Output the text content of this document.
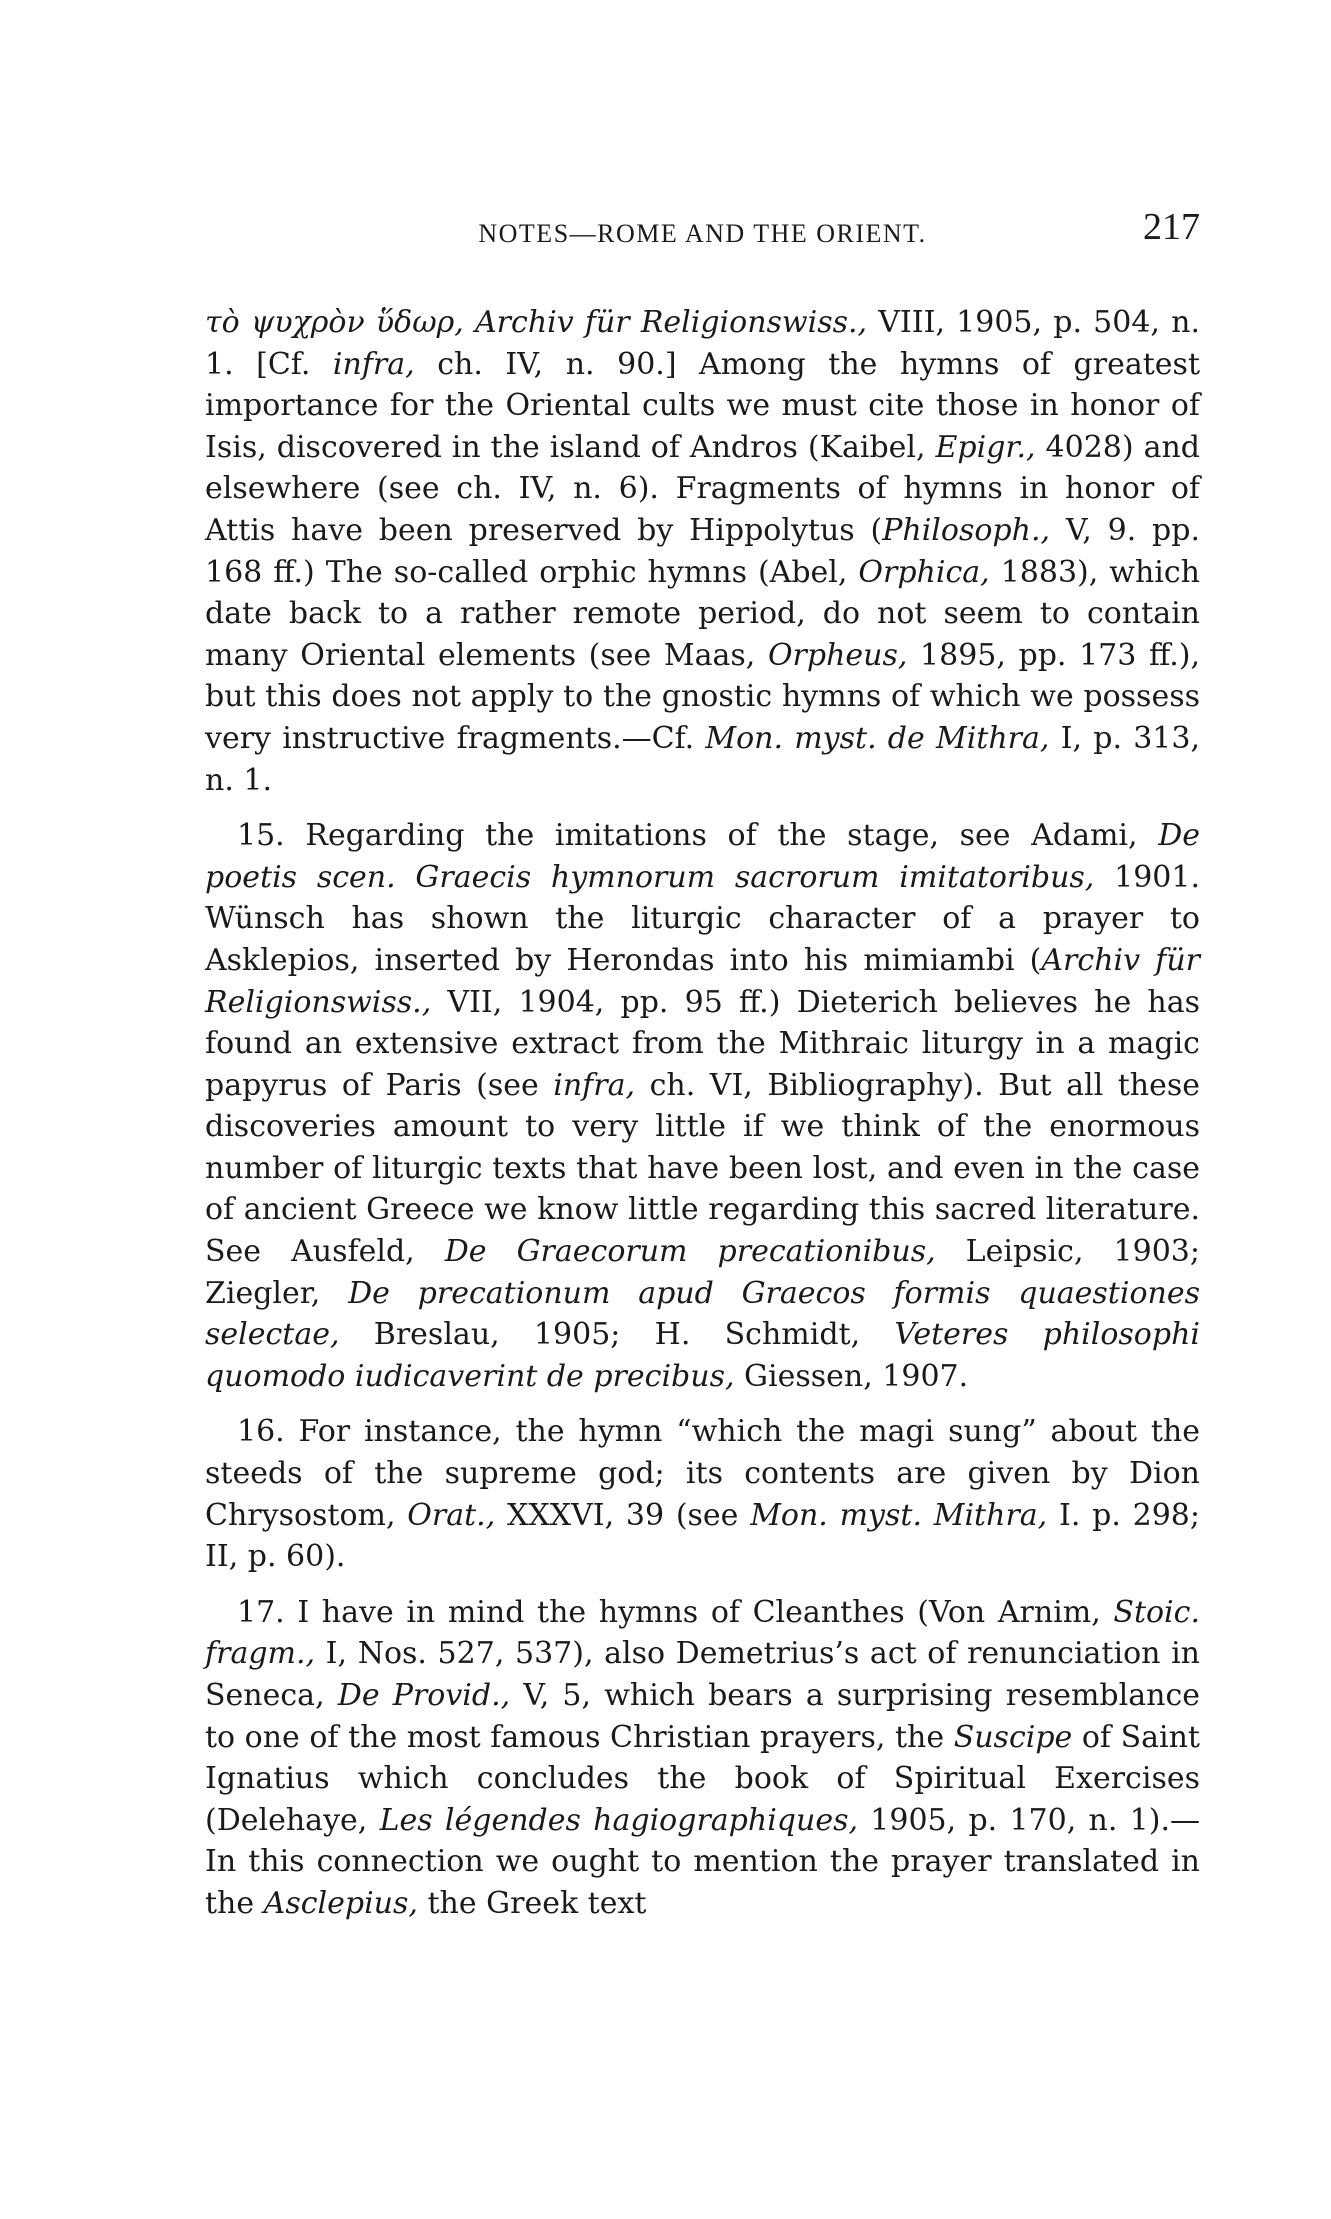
NOTES—ROME AND THE ORIENT.	217

τὸ ψυχρὸν ὕδωρ, Archiv für Religionswiss., VIII, 1905, p. 504, n. 1. [Cf. infra, ch. IV, n. 90.] Among the hymns of greatest importance for the Oriental cults we must cite those in honor of Isis, discovered in the island of Andros (Kaibel, Epigr., 4028) and elsewhere (see ch. IV, n. 6). Fragments of hymns in honor of Attis have been preserved by Hippolytus (Philosoph., V, 9. pp. 168 ff.) The so-called orphic hymns (Abel, Orphica, 1883), which date back to a rather remote period, do not seem to contain many Oriental elements (see Maas, Orpheus, 1895, pp. 173 ff.), but this does not apply to the gnostic hymns of which we possess very instructive fragments.—Cf. Mon. myst. de Mithra, I, p. 313, n. 1.

15. Regarding the imitations of the stage, see Adami, De poetis scen. Graecis hymnorum sacrorum imitatoribus, 1901. Wünsch has shown the liturgic character of a prayer to Asklepios, inserted by Herondas into his mimiambi (Archiv für Religionswiss., VII, 1904, pp. 95 ff.) Dieterich believes he has found an extensive extract from the Mithraic liturgy in a magic papyrus of Paris (see infra, ch. VI, Bibliography). But all these discoveries amount to very little if we think of the enormous number of liturgic texts that have been lost, and even in the case of ancient Greece we know little regarding this sacred literature. See Ausfeld, De Graecorum precationibus, Leipsic, 1903; Ziegler, De precationum apud Graecos formis quaestiones selectae, Breslau, 1905; H. Schmidt, Veteres philosophi quomodo iudicaverint de precibus, Giessen, 1907.

16. For instance, the hymn “which the magi sung” about the steeds of the supreme god; its contents are given by Dion Chrysostom, Orat., XXXVI, 39 (see Mon. myst. Mithra, I. p. 298; II, p. 60).

17. I have in mind the hymns of Cleanthes (Von Arnim, Stoic. fragm., I, Nos. 527, 537), also Demetrius’s act of renunciation in Seneca, De Provid., V, 5, which bears a surprising resemblance to one of the most famous Christian prayers, the Suscipe of Saint Ignatius which concludes the book of Spiritual Exercises (Delehaye, Les légendes hagiographiques, 1905, p. 170, n. 1).—In this connection we ought to mention the prayer translated in the Asclepius, the Greek text
